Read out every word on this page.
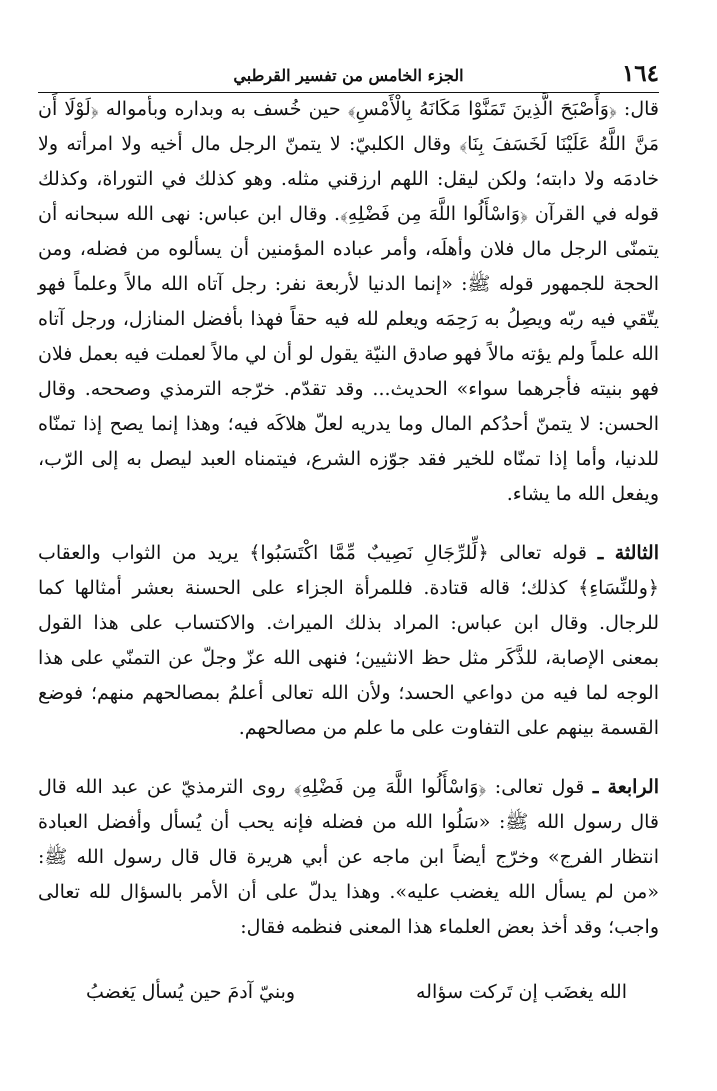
١٦٤
الجزء الخامس من تفسير القرطبي

قال: ﴿وَأَصْبَحَ الَّذِينَ تَمَنَّوْا مَكَانَهُ بِالْأَمْسِ﴾ حين خُسف به وبداره وبأمواله ﴿لَوْلَا أَن مَنَّ اللَّهُ عَلَيْنَا لَخَسَفَ بِنَا﴾ وقال الكلبيّ: لا يتمنّ الرجل مال أخيه ولا امرأته ولا خادمَه ولا دابته؛ ولكن ليقل: اللهم ارزقني مثله. وهو كذلك في التوراة، وكذلك قوله في القرآن ﴿وَاسْأَلُوا اللَّهَ مِن فَضْلِهِ﴾. وقال ابن عباس: نهى الله سبحانه أن يتمنّى الرجل مال فلان وأهلَه، وأمر عباده المؤمنين أن يسألوه من فضله، ومن الحجة للجمهور قوله ﷺ: «إنما الدنيا لأربعة نفر: رجل آتاه الله مالاً وعلماً فهو يتّقي فيه ربّه ويصِلُ به رَحِمَه ويعلم لله فيه حقاً فهذا بأفضل المنازل، ورجل آتاه الله علماً ولم يؤته مالاً فهو صادق النيّة يقول لو أن لي مالاً لعملت فيه بعمل فلان فهو بنيته فأجرهما سواء» الحديث... وقد تقدّم. خرّجه الترمذي وصححه. وقال الحسن: لا يتمنّ أحدُكم المال وما يدريه لعلّ هلاكَه فيه؛ وهذا إنما يصح إذا تمنّاه للدنيا، وأما إذا تمنّاه للخير فقد جوّزه الشرع، فيتمناه العبد ليصل به إلى الرّب، ويفعل الله ما يشاء.

الثالثة ـ قوله تعالى ﴿لِّلرِّجَالِ نَصِيبٌ مِّمَّا اكْتَسَبُوا﴾ يريد من الثواب والعقاب ﴿وللنِّسَاءِ﴾ كذلك؛ قاله قتادة. فللمرأة الجزاء على الحسنة بعشر أمثالها كما للرجال. وقال ابن عباس: المراد بذلك الميراث. والاكتساب على هذا القول بمعنى الإصابة، للذَّكَر مثل حظ الانثيين؛ فنهى الله عزّ وجلّ عن التمنّي على هذا الوجه لما فيه من دواعي الحسد؛ ولأن الله تعالى أعلمُ بمصالحهم منهم؛ فوضع القسمة بينهم على التفاوت على ما علم من مصالحهم.

الرابعة ـ قول تعالى: ﴿وَاسْأَلُوا اللَّهَ مِن فَضْلِهِ﴾ روى الترمذيّ عن عبد الله قال قال رسول الله ﷺ: «سَلُوا الله من فضله فإنه يحب أن يُسأل وأفضل العبادة انتظار الفرج» وخرّج أيضاً ابن ماجه عن أبي هريرة قال قال رسول الله ﷺ: «من لم يسأل الله يغضب عليه». وهذا يدلّ على أن الأمر بالسؤال لله تعالى واجب؛ وقد أخذ بعض العلماء هذا المعنى فنظمه فقال:

الله يغضَب إن تَركت سؤاله
وبنيّ آدمَ حين يُسأل يَغضبُ
